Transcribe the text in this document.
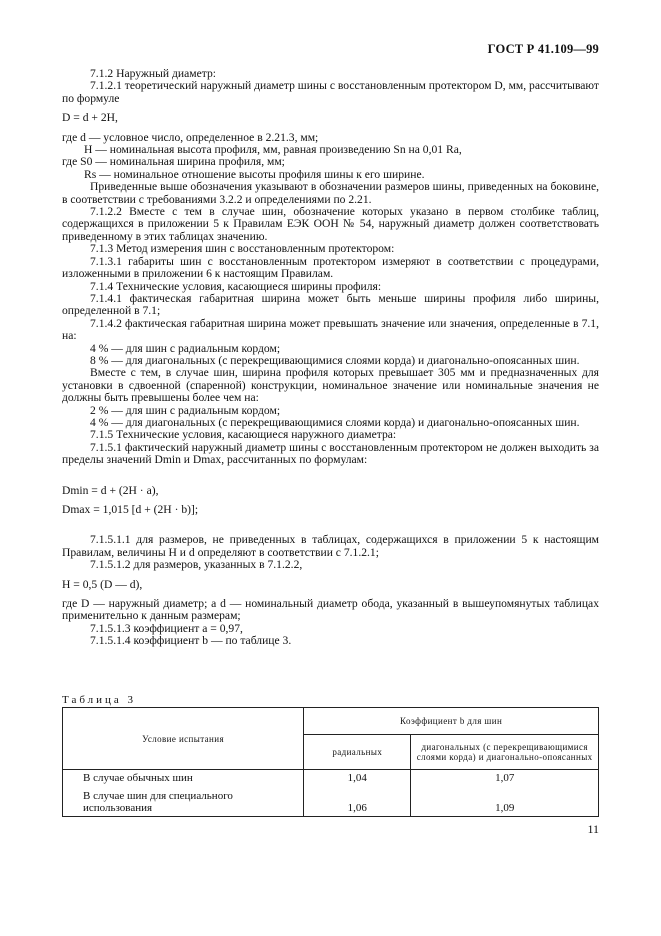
ГОСТ Р 41.109—99

7.1.2 Наружный диаметр:

7.1.2.1 теоретический наружный диаметр шины с восстановленным протектором D, мм, рассчитывают по формуле

D = d + 2H,

где d — условное число, определенное в 2.21.3, мм;

H — номинальная высота профиля, мм, равная произведению Sn на 0,01 Ra,

где S0 — номинальная ширина профиля, мм;

Rs — номинальное отношение высоты профиля шины к его ширине.

Приведенные выше обозначения указывают в обозначении размеров шины, приведенных на боковине, в соответствии с требованиями 3.2.2 и определениями по 2.21.

7.1.2.2 Вместе с тем в случае шин, обозначение которых указано в первом столбике таблиц, содержащихся в приложении 5 к Правилам ЕЭК ООН № 54, наружный диаметр должен соответствовать приведенному в этих таблицах значению.

7.1.3 Метод измерения шин с восстановленным протектором:

7.1.3.1 габариты шин с восстановленным протектором измеряют в соответствии с процедурами, изложенными в приложении 6 к настоящим Правилам.

7.1.4 Технические условия, касающиеся ширины профиля:

7.1.4.1 фактическая габаритная ширина может быть меньше ширины профиля либо ширины, определенной в 7.1;

7.1.4.2 фактическая габаритная ширина может превышать значение или значения, определенные в 7.1, на:

4 % — для шин с радиальным кордом;

8 % — для диагональных (с перекрещивающимися слоями корда) и диагонально-опоясанных шин.

Вместе с тем, в случае шин, ширина профиля которых превышает 305 мм и предназначенных для установки в сдвоенной (спаренной) конструкции, номинальное значение или номинальные значения не должны быть превышены более чем на:

2 % — для шин с радиальным кордом;

4 % — для диагональных (с перекрещивающимися слоями корда) и диагонально-опоясанных шин.

7.1.5 Технические условия, касающиеся наружного диаметра:

7.1.5.1 фактический наружный диаметр шины с восстановленным протектором не должен выходить за пределы значений Dmin и Dmax, рассчитанных по формулам:

Dmin = d + (2H · a),

Dmax = 1,015 [d + (2H · b)];

7.1.5.1.1 для размеров, не приведенных в таблицах, содержащихся в приложении 5 к настоящим Правилам, величины H и d определяют в соответствии с 7.1.2.1;

7.1.5.1.2 для размеров, указанных в 7.1.2.2,

H = 0,5 (D — d),

где D — наружный диаметр; а d — номинальный диаметр обода, указанный в вышеупомянутых таблицах применительно к данным размерам;

7.1.5.1.3 коэффициент a = 0,97,

7.1.5.1.4 коэффициент b — по таблице 3.

Таблица 3
Условие испытания	Коэффициент b для шин	
	радиальных	диагональных (с перекрещивающимися слоями корда) и диагонально-опоясанных
В случае обычных шин	1,04	1,07
В случае шин для специального использования	1,06	1,09
11
